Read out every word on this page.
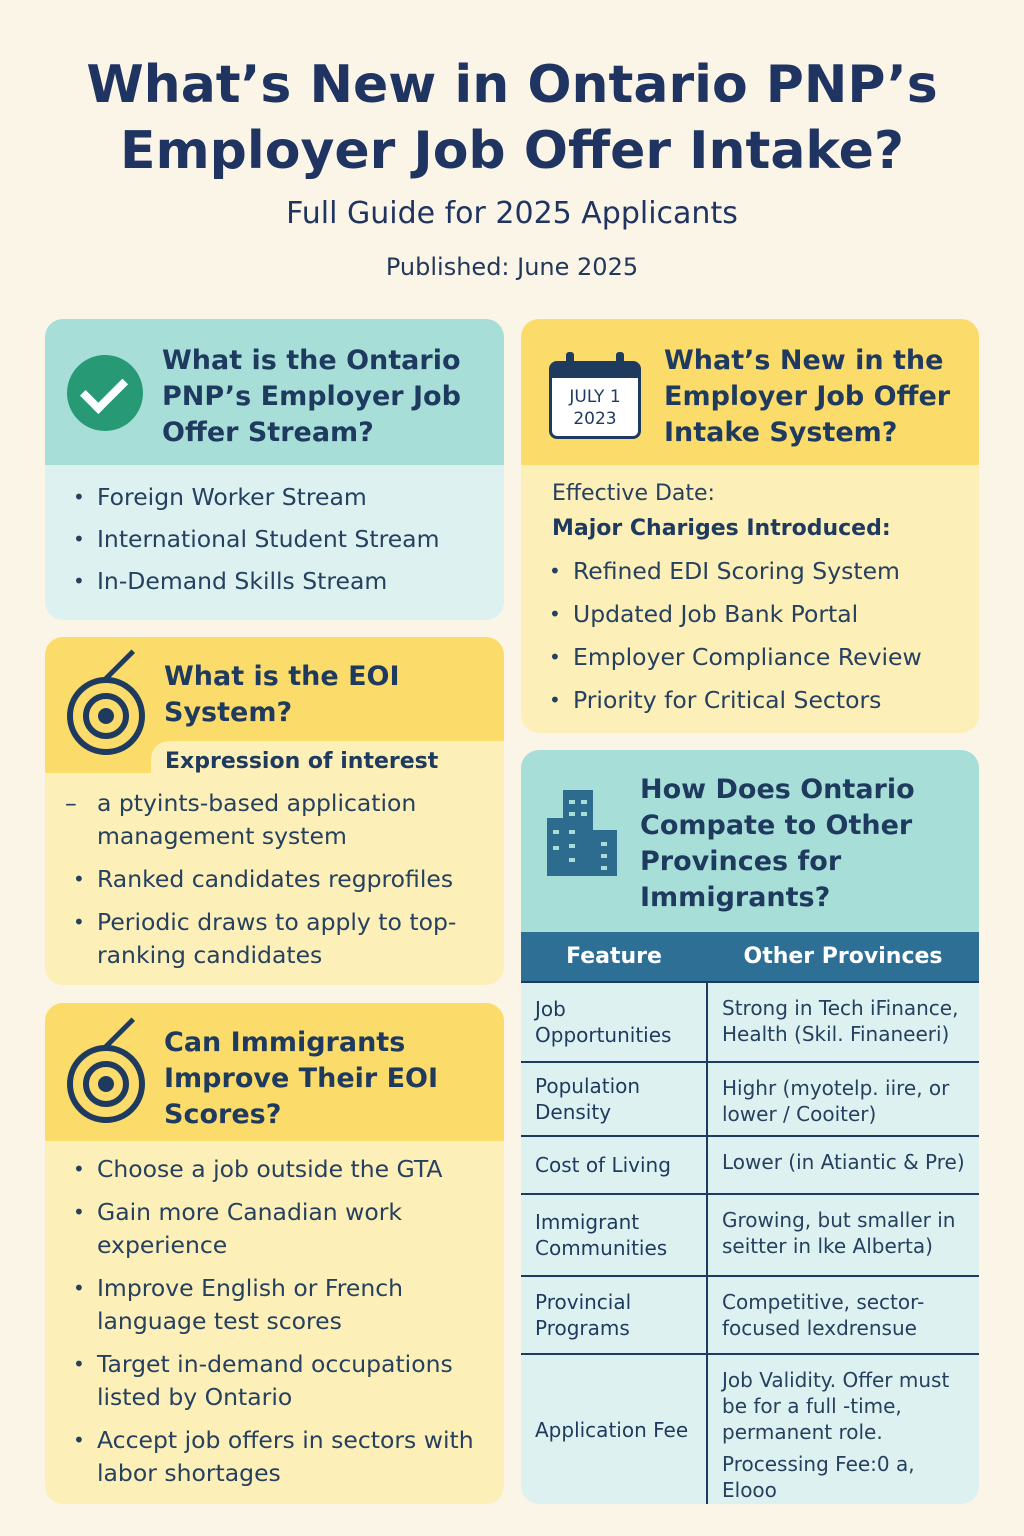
What’s New in Ontario PNP’s
Employer Job Offer Intake?
Full Guide for 2025 Applicants
Published: June 2025
What is the Ontario PNP’s Employer Job Offer Stream?
• Foreign Worker Stream
• International Student Stream
• In-Demand Skills Stream
JULY 1
2023
What’s New in the Employer Job Offer Intake System?
Effective Date:
Major Chariges Introduced:
• Refined EDI Scoring System
• Updated Job Bank Portal
• Employer Compliance Review
• Priority for Critical Sectors
What is the EOI System?
Expression of interest
– a ptyints-based application management system
• Ranked candidates regprofiles
• Periodic draws to apply to top-ranking candidates
Can Immigrants Improve Their EOI Scores?
• Choose a job outside the GTA
• Gain more Canadian work experience
• Improve English or French language test scores
• Target in-demand occupations listed by Ontario
• Accept job offers in sectors with labor shortages
How Does Ontario Compate to Other Provinces for Immigrants?
Feature	Other Provinces
Job Opportunities	Strong in Tech iFinance, Health (Skil. Finaneeri)
Population Density	Highr (myotelp. iire, or lower / Cooiter)
Cost of Living	Lower (in Atiantic & Pre)
Immigrant Communities	Growing, but smaller in seitter in lke Alberta)
Provincial Programs	Competitive, sector-focused lexdrensue
Application Fee	Job Validity. Offer must be for a full -time, permanent role.
Processing Fee:0 a, Elooo
